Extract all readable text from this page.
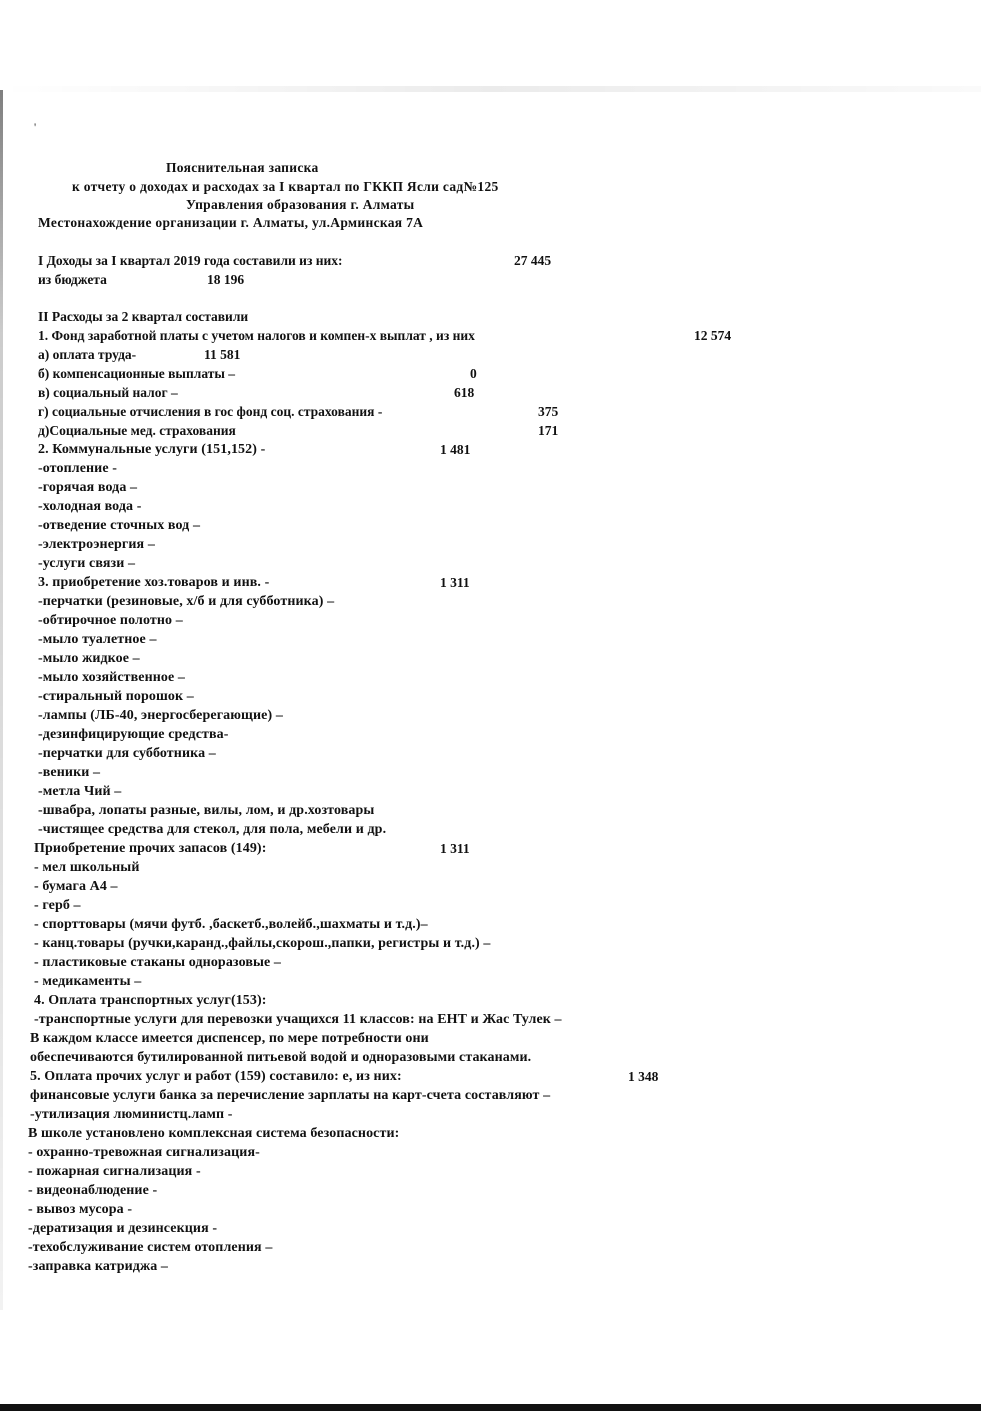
'
Пояснительная записка
к отчету о доходах и расходах за I квартал по ГККП Ясли сад№125
Управления образования г. Алматы
Местонахождение организации г. Алматы, ул.Арминская 7А
I Доходы за I квартал 2019 года составили из них:	27 445
из бюджета	18 196
II Расходы за 2 квартал составили
1. Фонд заработной платы с учетом налогов и компен-х выплат , из них	12 574
а) оплата труда-	11 581
б) компенсационные выплаты –	0
в) социальный налог –	618
г) социальные отчисления в гос фонд соц. страхования -	375
д)Социальные мед. страхования	171
2. Коммунальные услуги (151,152) -	1 481
-отопление -
-горячая вода –
-холодная вода -
-отведение сточных вод –
-электроэнергия –
-услуги связи –
3. приобретение хоз.товаров и инв. -	1 311
-перчатки (резиновые, х/б и для субботника) –
-обтирочное полотно –
-мыло туалетное –
-мыло жидкое –
-мыло хозяйственное –
-стиральный порошок –
-лампы (ЛБ-40, энергосберегающие) –
-дезинфицирующие средства-
-перчатки для субботника –
-веники –
-метла Чий –
-швабра, лопаты разные, вилы, лом, и др.хозтовары
-чистящее средства для стекол, для пола, мебели и др.
Приобретение прочих запасов (149):	1 311
- мел школьный
- бумага А4 –
- герб –
- спорттовары (мячи футб. ,баскетб.,волейб.,шахматы и т.д.)–
- канц.товары (ручки,каранд.,файлы,скорош.,папки, регистры и т.д.) –
- пластиковые стаканы одноразовые –
- медикаменты –
4. Оплата транспортных услуг(153):
-транспортные услуги для перевозки учащихся 11 классов: на ЕНТ и Жас Тулек –
В каждом классе имеется диспенсер, по мере потребности они
обеспечиваются бутилированной питьевой водой и одноразовыми стаканами.
5. Оплата прочих услуг и работ (159) составило: е, из них:	1 348
финансовые услуги банка за перечисление зарплаты на карт-счета составляют –
-утилизация люминистц.ламп -
В школе установлено комплексная система безопасности:
- охранно-тревожная сигнализация-
- пожарная сигнализация -
- видеонаблюдение -
- вывоз мусора -
-дератизация и дезинсекция -
-техобслуживание систем отопления –
-заправка катриджа –
